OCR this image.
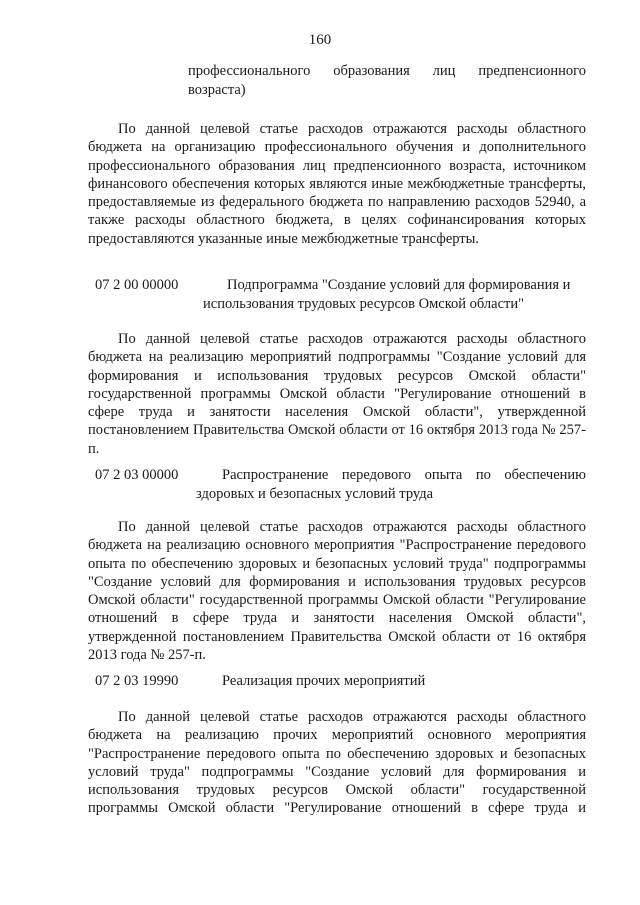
160
профессионального образования лиц предпенсионного
возраста)
По данной целевой статье расходов отражаются расходы областного бюджета на организацию профессионального обучения и дополнительного профессионального образования лиц предпенсионного возраста, источником финансового обеспечения которых являются иные межбюджетные трансферты, предоставляемые из федерального бюджета по направлению расходов 52940, а также расходы областного бюджета, в целях софинансирования которых предоставляются указанные иные межбюджетные трансферты.
07 2 00 00000	Подпрограмма "Создание условий для формирования и
использования трудовых ресурсов Омской области"
По данной целевой статье расходов отражаются расходы областного бюджета на реализацию мероприятий подпрограммы "Создание условий для формирования и использования трудовых ресурсов Омской области" государственной программы Омской области "Регулирование отношений в сфере труда и занятости населения Омской области", утвержденной постановлением Правительства Омской области от 16 октября 2013 года № 257-п.
07 2 03 00000	Распространение передового опыта по обеспечению
здоровых и безопасных условий труда
По данной целевой статье расходов отражаются расходы областного бюджета на реализацию основного мероприятия "Распространение передового опыта по обеспечению здоровых и безопасных условий труда" подпрограммы "Создание условий для формирования и использования трудовых ресурсов Омской области" государственной программы Омской области "Регулирование отношений в сфере труда и занятости населения Омской области", утвержденной постановлением Правительства Омской области от 16 октября 2013 года № 257-п.
07 2 03 19990	Реализация прочих мероприятий
По данной целевой статье расходов отражаются расходы областного бюджета на реализацию прочих мероприятий основного мероприятия "Распространение передового опыта по обеспечению здоровых и безопасных условий труда" подпрограммы "Создание условий для формирования и использования трудовых ресурсов Омской области" государственной программы Омской области "Регулирование отношений в сфере труда и
